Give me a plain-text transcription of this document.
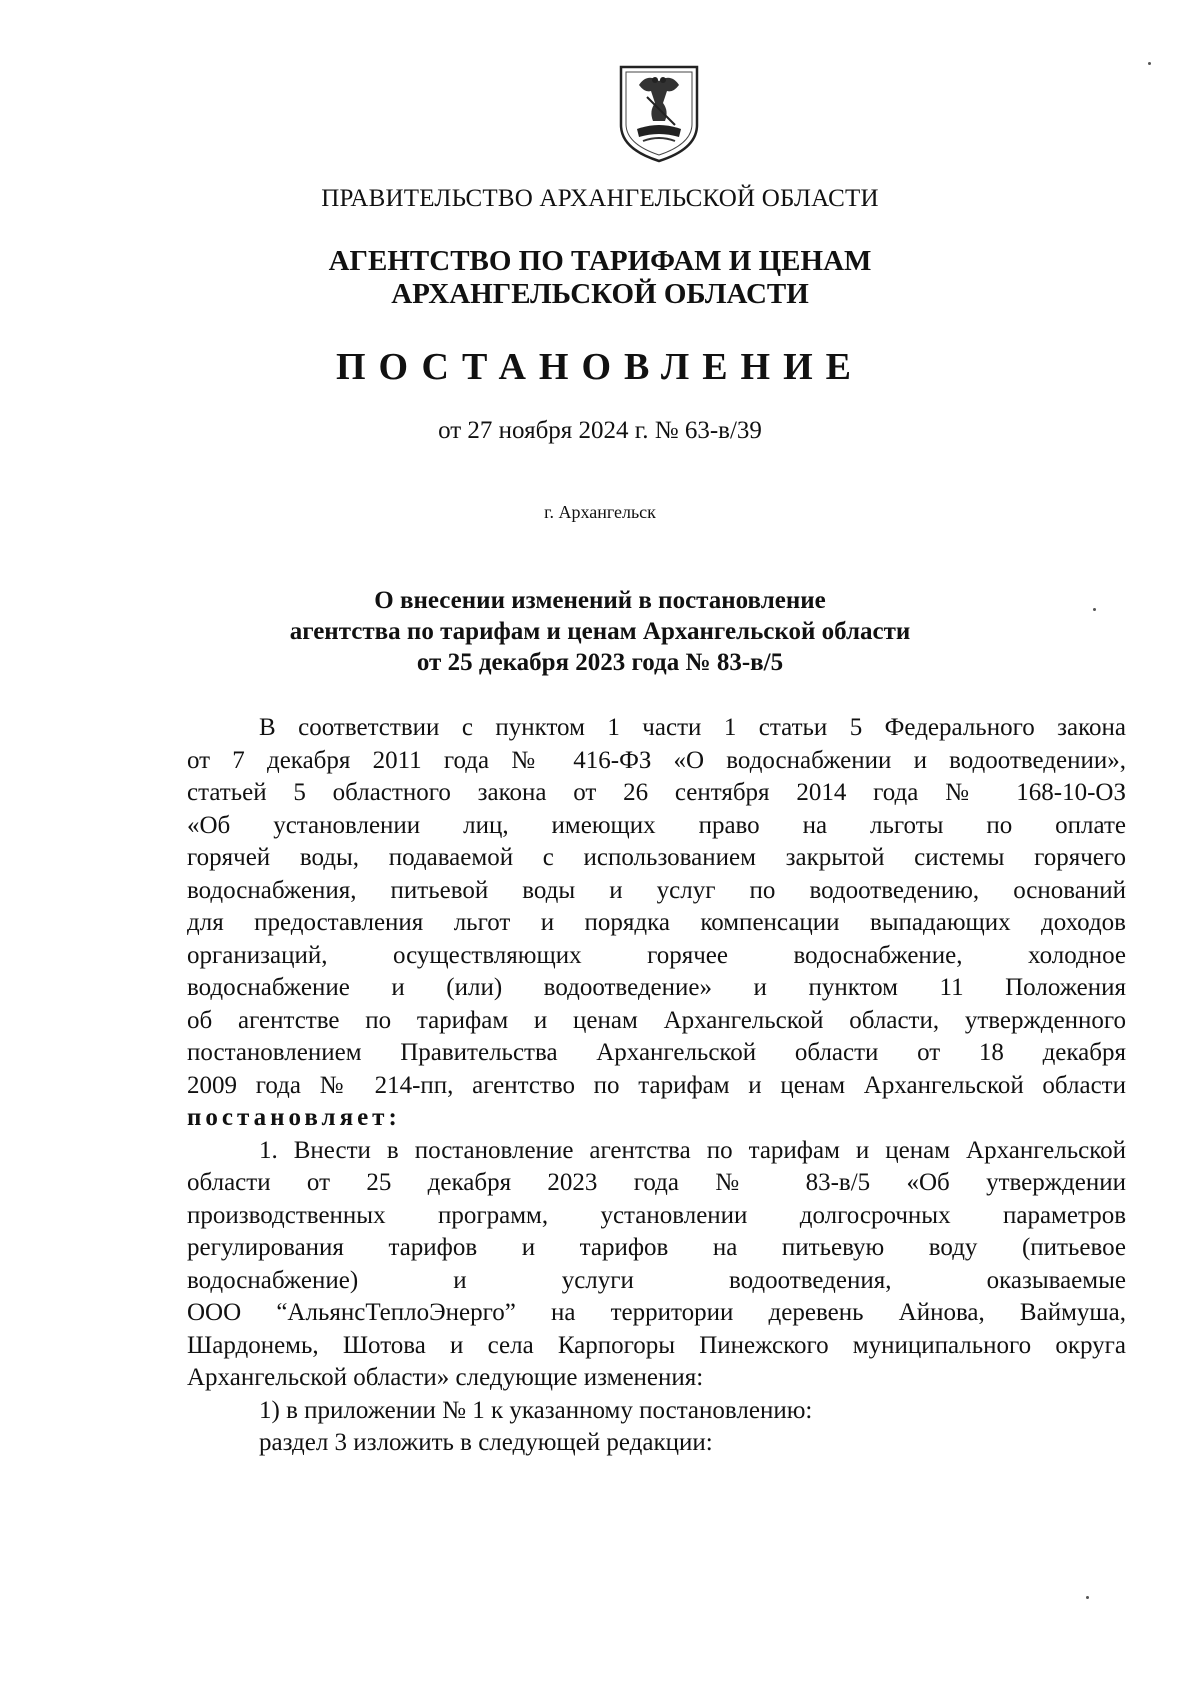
ПРАВИТЕЛЬСТВО АРХАНГЕЛЬСКОЙ ОБЛАСТИ
АГЕНТСТВО ПО ТАРИФАМ И ЦЕНАМ
АРХАНГЕЛЬСКОЙ ОБЛАСТИ
ПОСТАНОВЛЕНИЕ
от 27 ноября 2024 г. № 63-в/39
г. Архангельск
О внесении изменений в постановление
агентства по тарифам и ценам Архангельской области
от 25 декабря 2023 года № 83-в/5
В соответствии с пунктом 1 части 1 статьи 5 Федерального закона
от 7 декабря 2011 года № 416-ФЗ «О водоснабжении и водоотведении»,
статьей 5 областного закона от 26 сентября 2014 года № 168-10-ОЗ
«Об установлении лиц, имеющих право на льготы по оплате
горячей воды, подаваемой с использованием закрытой системы горячего
водоснабжения, питьевой воды и услуг по водоотведению, оснований
для предоставления льгот и порядка компенсации выпадающих доходов
организаций, осуществляющих горячее водоснабжение, холодное
водоснабжение и (или) водоотведение» и пунктом 11 Положения
об агентстве по тарифам и ценам Архангельской области, утвержденного
постановлением Правительства Архангельской области от 18 декабря
2009 года № 214-пп, агентство по тарифам и ценам Архангельской области
постановляет:
1. Внести в постановление агентства по тарифам и ценам Архангельской
области от 25 декабря 2023 года № 83-в/5 «Об утверждении
производственных программ, установлении долгосрочных параметров
регулирования тарифов и тарифов на питьевую воду (питьевое
водоснабжение) и услуги водоотведения, оказываемые
ООО “АльянсТеплоЭнерго” на территории деревень Айнова, Ваймуша,
Шардонемь, Шотова и села Карпогоры Пинежского муниципального округа
Архангельской области» следующие изменения:
1) в приложении № 1 к указанному постановлению:
раздел 3 изложить в следующей редакции:
